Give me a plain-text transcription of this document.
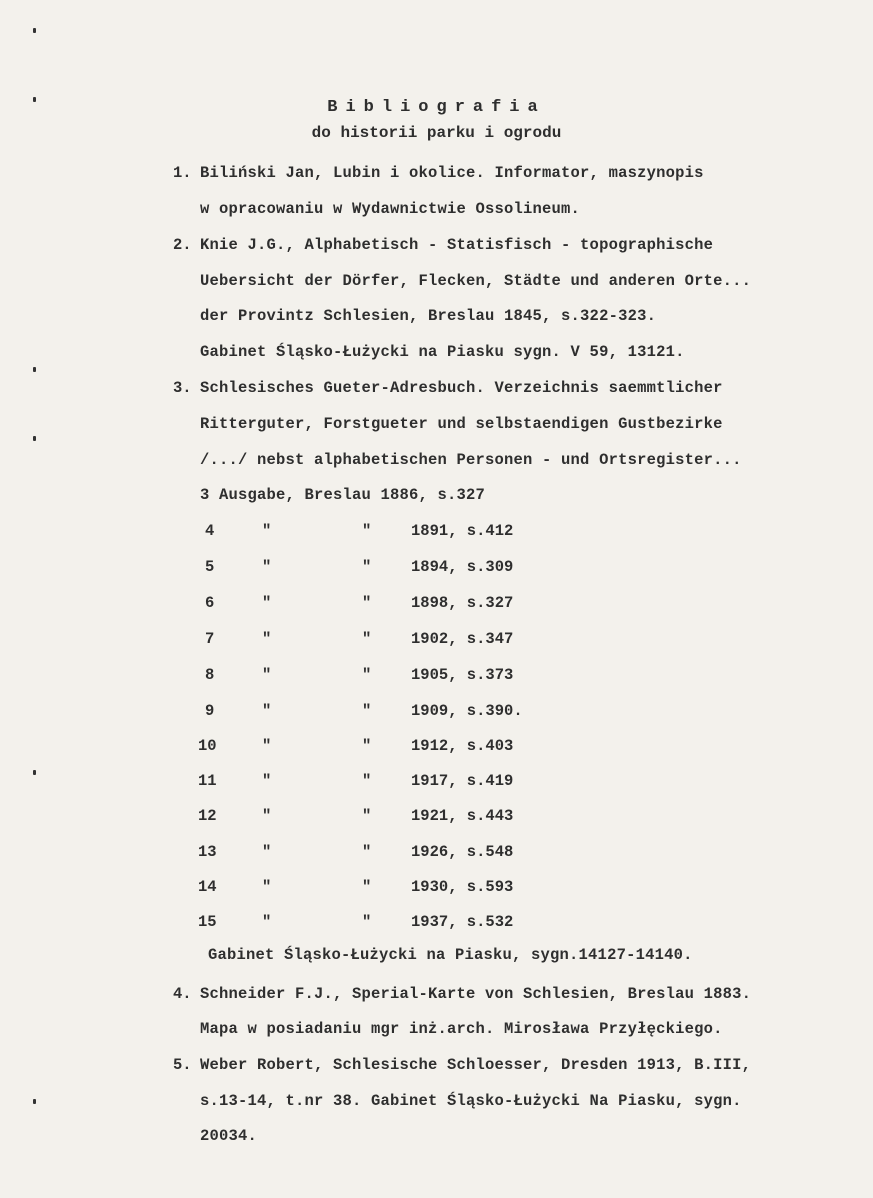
Bibliografia
do historii parku i ogrodu
1. Biliński Jan, Lubin i okolice. Informator, maszynopis
w opracowaniu w Wydawnictwie Ossolineum.
2. Knie J.G., Alphabetisch - Statisfisch - topographische
Uebersicht der Dörfer, Flecken, Städte und anderen Orte...
der Provintz Schlesien, Breslau 1845, s.322-323.
Gabinet Śląsko-Łużycki na Piasku sygn. V 59, 13121.
3. Schlesisches Gueter-Adresbuch. Verzeichnis saemmtlicher
Ritterguter, Forstgueter und selbstaendigen Gustbezirke
/.../ nebst alphabetischen Personen - und Ortsregister...
3 Ausgabe, Breslau 1886, s.327
4	"	"	1891, s.412
5	"	"	1894, s.309
6	"	"	1898, s.327
7	"	"	1902, s.347
8	"	"	1905, s.373
9	"	"	1909, s.390.
10	"	"	1912, s.403
11	"	"	1917, s.419
12	"	"	1921, s.443
13	"	"	1926, s.548
14	"	"	1930, s.593
15	"	"	1937, s.532
Gabinet Śląsko-Łużycki na Piasku, sygn.14127-14140.
4. Schneider F.J., Sperial-Karte von Schlesien, Breslau 1883.
Mapa w posiadaniu mgr inż.arch. Mirosława Przyłęckiego.
5. Weber Robert, Schlesische Schloesser, Dresden 1913, B.III,
s.13-14, t.nr 38. Gabinet Śląsko-Łużycki Na Piasku, sygn.
20034.
